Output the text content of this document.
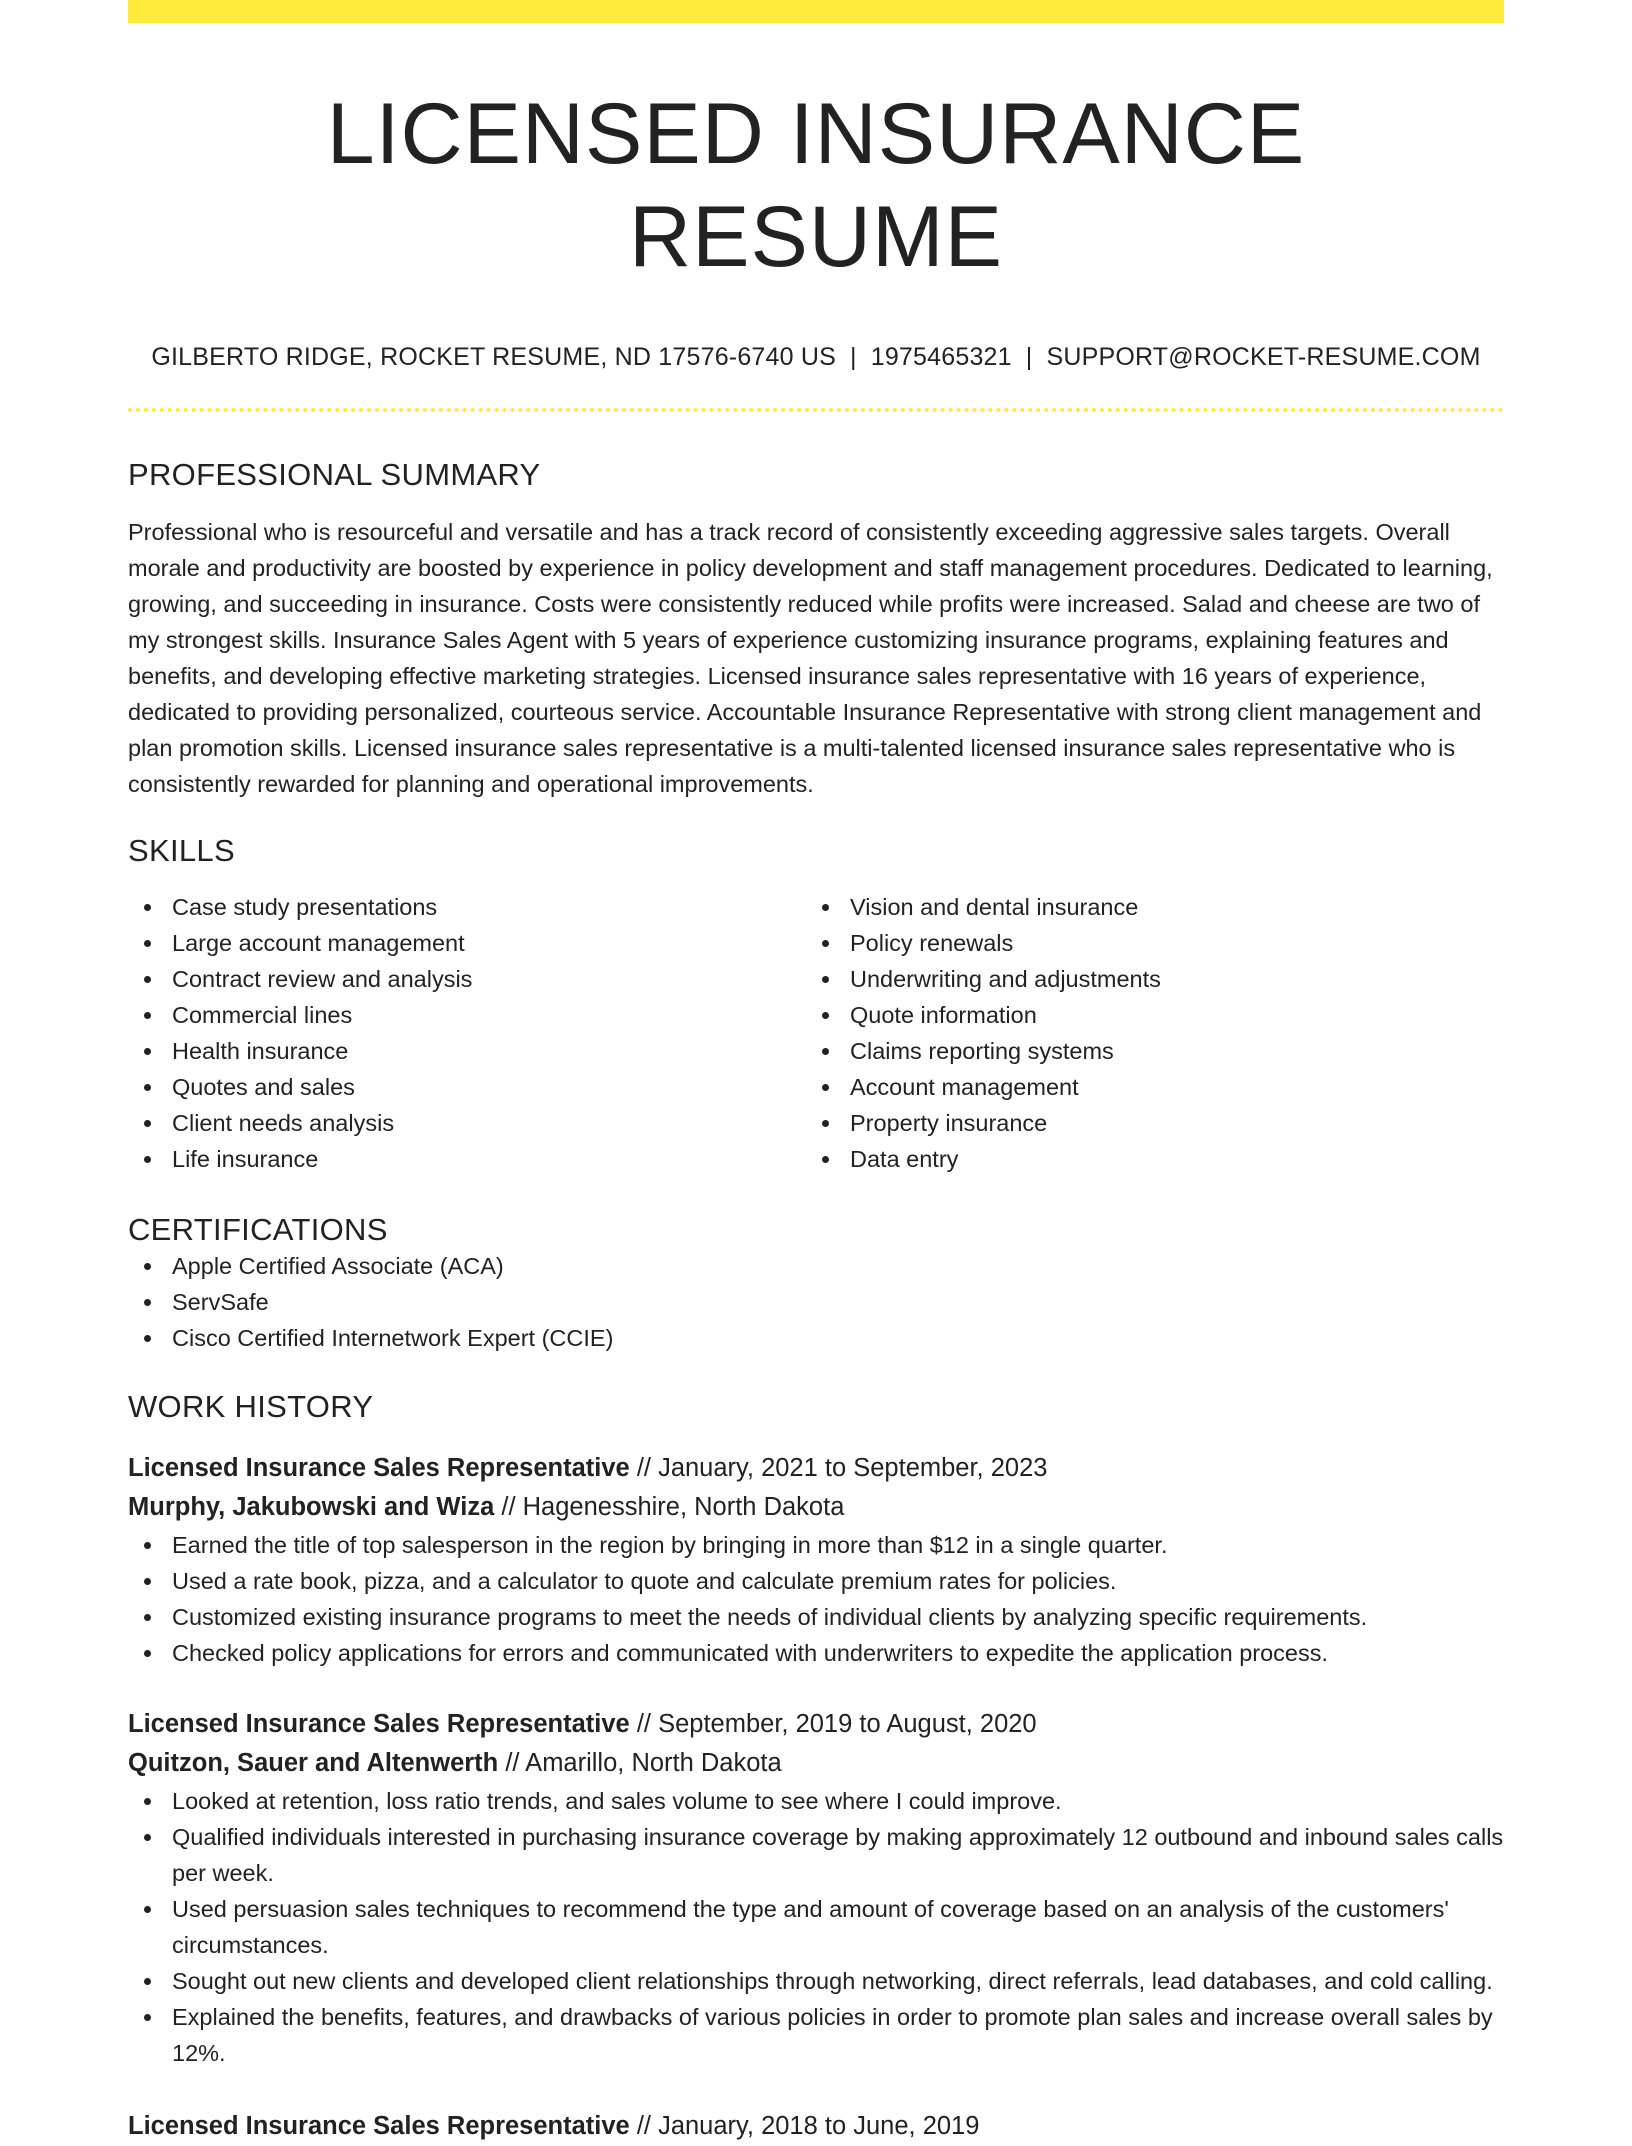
LICENSED INSURANCE RESUME
GILBERTO RIDGE, ROCKET RESUME, ND 17576-6740 US | 1975465321 | SUPPORT@ROCKET-RESUME.COM
PROFESSIONAL SUMMARY

Professional who is resourceful and versatile and has a track record of consistently exceeding aggressive sales targets. Overall morale and productivity are boosted by experience in policy development and staff management procedures. Dedicated to learning, growing, and succeeding in insurance. Costs were consistently reduced while profits were increased. Salad and cheese are two of my strongest skills. Insurance Sales Agent with 5 years of experience customizing insurance programs, explaining features and benefits, and developing effective marketing strategies. Licensed insurance sales representative with 16 years of experience, dedicated to providing personalized, courteous service. Accountable Insurance Representative with strong client management and plan promotion skills. Licensed insurance sales representative is a multi-talented licensed insurance sales representative who is consistently rewarded for planning and operational improvements.

SKILLS
Case study presentations
Large account management
Contract review and analysis
Commercial lines
Health insurance
Quotes and sales
Client needs analysis
Life insurance
Vision and dental insurance
Policy renewals
Underwriting and adjustments
Quote information
Claims reporting systems
Account management
Property insurance
Data entry
CERTIFICATIONS
Apple Certified Associate (ACA)
ServSafe
Cisco Certified Internetwork Expert (CCIE)
WORK HISTORY
Licensed Insurance Sales Representative // January, 2021 to September, 2023
Murphy, Jakubowski and Wiza // Hagenesshire, North Dakota
Earned the title of top salesperson in the region by bringing in more than $12 in a single quarter.
Used a rate book, pizza, and a calculator to quote and calculate premium rates for policies.
Customized existing insurance programs to meet the needs of individual clients by analyzing specific requirements.
Checked policy applications for errors and communicated with underwriters to expedite the application process.
Licensed Insurance Sales Representative // September, 2019 to August, 2020
Quitzon, Sauer and Altenwerth // Amarillo, North Dakota
Looked at retention, loss ratio trends, and sales volume to see where I could improve.
Qualified individuals interested in purchasing insurance coverage by making approximately 12 outbound and inbound sales calls per week.
Used persuasion sales techniques to recommend the type and amount of coverage based on an analysis of the customers' circumstances.
Sought out new clients and developed client relationships through networking, direct referrals, lead databases, and cold calling.
Explained the benefits, features, and drawbacks of various policies in order to promote plan sales and increase overall sales by 12%.
Licensed Insurance Sales Representative // January, 2018 to June, 2019
